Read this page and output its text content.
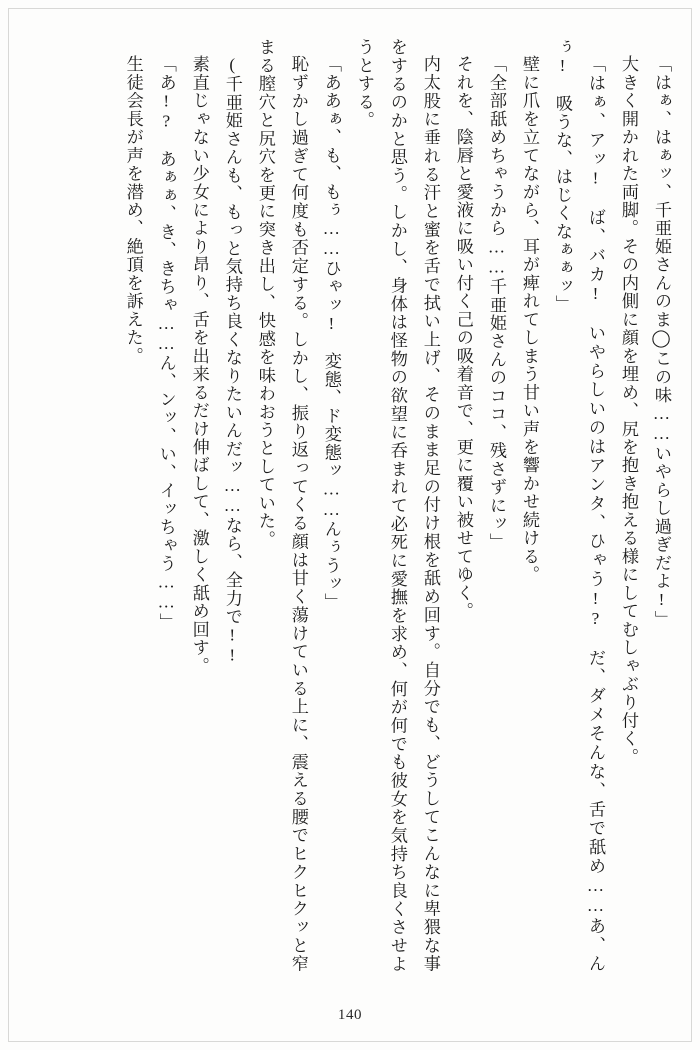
「はぁ、はぁッ、千亜姫さんのま◯この味……いやらし過ぎだよ!」
大きく開かれた両脚。その内側に顔を埋め、尻を抱き抱える様にしてむしゃぶり付く。
「はぁ、アッ!　ば、バカ!　いやらしいのはアンタ、ひゃう!?　だ、ダメそんな、舌で舐め……あ、んぅ!　吸うな、はじくなぁぁッ」
壁に爪を立てながら、耳が痺れてしまう甘い声を響かせ続ける。
「全部舐めちゃうから……千亜姫さんのココ、残さずにッ」
それを、陰唇と愛液に吸い付く己の吸着音で、更に覆い被せてゆく。
内太股に垂れる汗と蜜を舌で拭い上げ、そのまま足の付け根を舐め回す。自分でも、どうしてこんなに卑猥な事をするのかと思う。しかし、身体は怪物の欲望に呑まれて必死に愛撫を求め、何が何でも彼女を気持ち良くさせようとする。
「ああぁ、も、もぅ……ひゃッ!　変態、ド変態ッ……んぅうッ」
恥ずかし過ぎて何度も否定する。しかし、振り返ってくる顔は甘く蕩けている上に、震える腰でヒクヒクッと窄まる膣穴と尻穴を更に突き出し、快感を味わおうとしていた。
(千亜姫さんも、もっと気持ち良くなりたいんだッ……なら、全力で!!
素直じゃない少女により昂り、舌を出来るだけ伸ばして、激しく舐め回す。
「あ!?　あぁぁ、き、きちゃ……ん、ンッ、い、イッちゃう……」
生徒会長が声を潜め、絶頂を訴えた。
140
